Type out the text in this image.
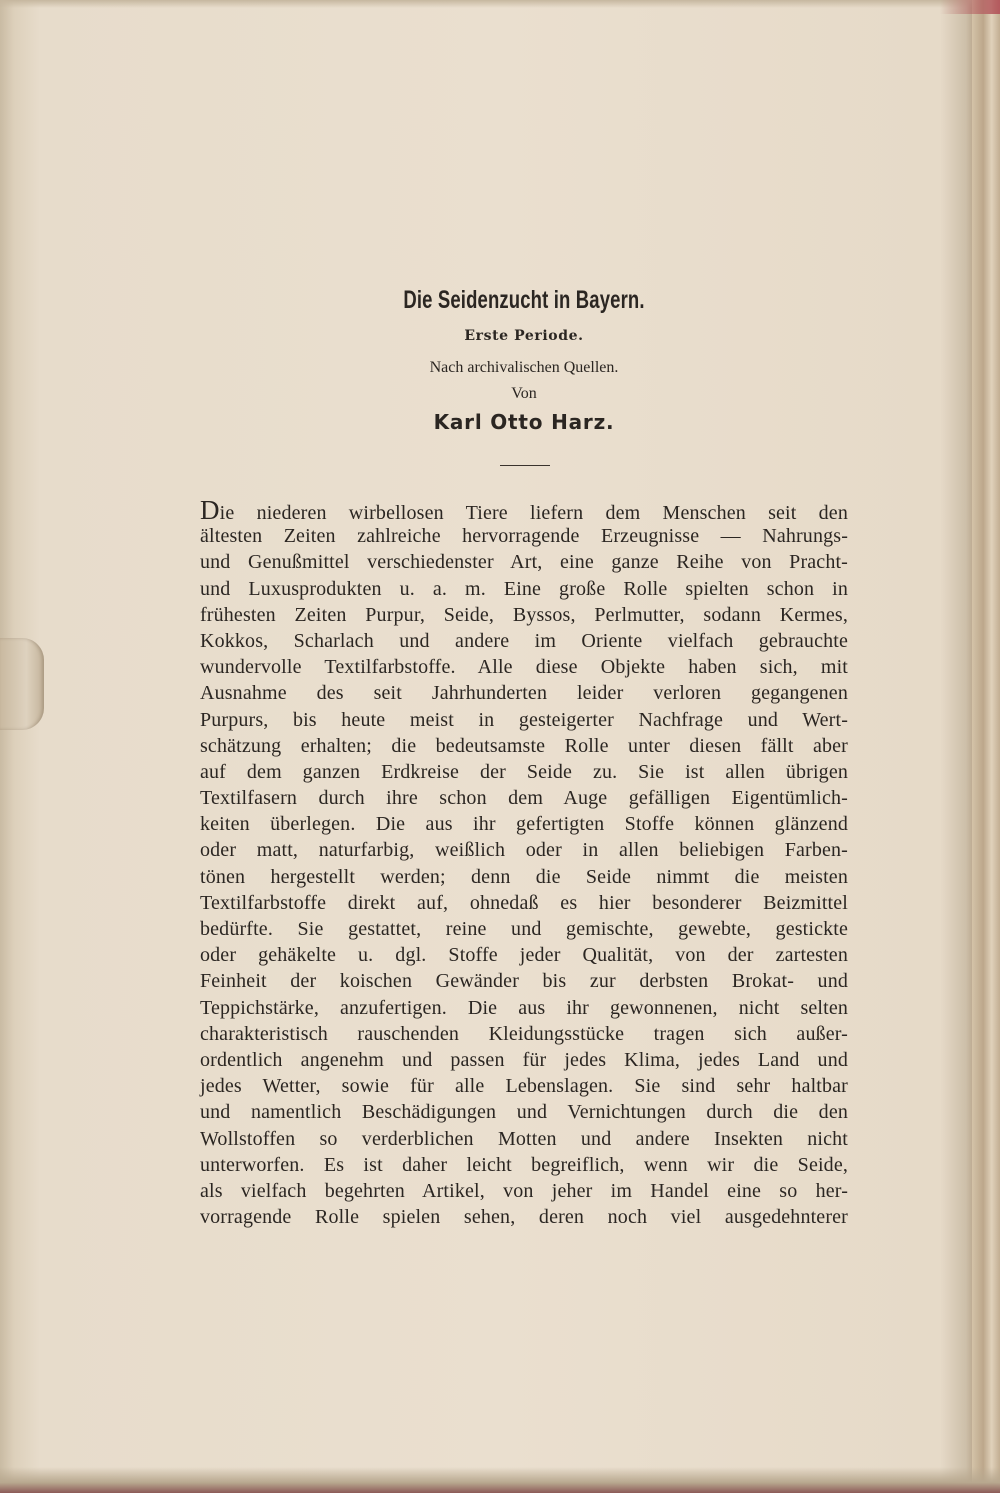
Die Seidenzucht in Bayern.
Erste Periode.
Nach archivalischen Quellen.
Von
Karl Otto Harz.
Die niederen wirbellosen Tiere liefern dem Menschen seit den
ältesten Zeiten zahlreiche hervorragende Erzeugnisse — Nahrungs-
und Genußmittel verschiedenster Art, eine ganze Reihe von Pracht-
und Luxusprodukten u. a. m. Eine große Rolle spielten schon in
frühesten Zeiten Purpur, Seide, Byssos, Perlmutter, sodann Kermes,
Kokkos, Scharlach und andere im Oriente vielfach gebrauchte
wundervolle Textilfarbstoffe. Alle diese Objekte haben sich, mit
Ausnahme des seit Jahrhunderten leider verloren gegangenen
Purpurs, bis heute meist in gesteigerter Nachfrage und Wert-
schätzung erhalten; die bedeutsamste Rolle unter diesen fällt aber
auf dem ganzen Erdkreise der Seide zu. Sie ist allen übrigen
Textilfasern durch ihre schon dem Auge gefälligen Eigentümlich-
keiten überlegen. Die aus ihr gefertigten Stoffe können glänzend
oder matt, naturfarbig, weißlich oder in allen beliebigen Farben-
tönen hergestellt werden; denn die Seide nimmt die meisten
Textilfarbstoffe direkt auf, ohnedaß es hier besonderer Beizmittel
bedürfte. Sie gestattet, reine und gemischte, gewebte, gestickte
oder gehäkelte u. dgl. Stoffe jeder Qualität, von der zartesten
Feinheit der koischen Gewänder bis zur derbsten Brokat- und
Teppichstärke, anzufertigen. Die aus ihr gewonnenen, nicht selten
charakteristisch rauschenden Kleidungsstücke tragen sich außer-
ordentlich angenehm und passen für jedes Klima, jedes Land und
jedes Wetter, sowie für alle Lebenslagen. Sie sind sehr haltbar
und namentlich Beschädigungen und Vernichtungen durch die den
Wollstoffen so verderblichen Motten und andere Insekten nicht
unterworfen. Es ist daher leicht begreiflich, wenn wir die Seide,
als vielfach begehrten Artikel, von jeher im Handel eine so her-
vorragende Rolle spielen sehen, deren noch viel ausgedehnterer
